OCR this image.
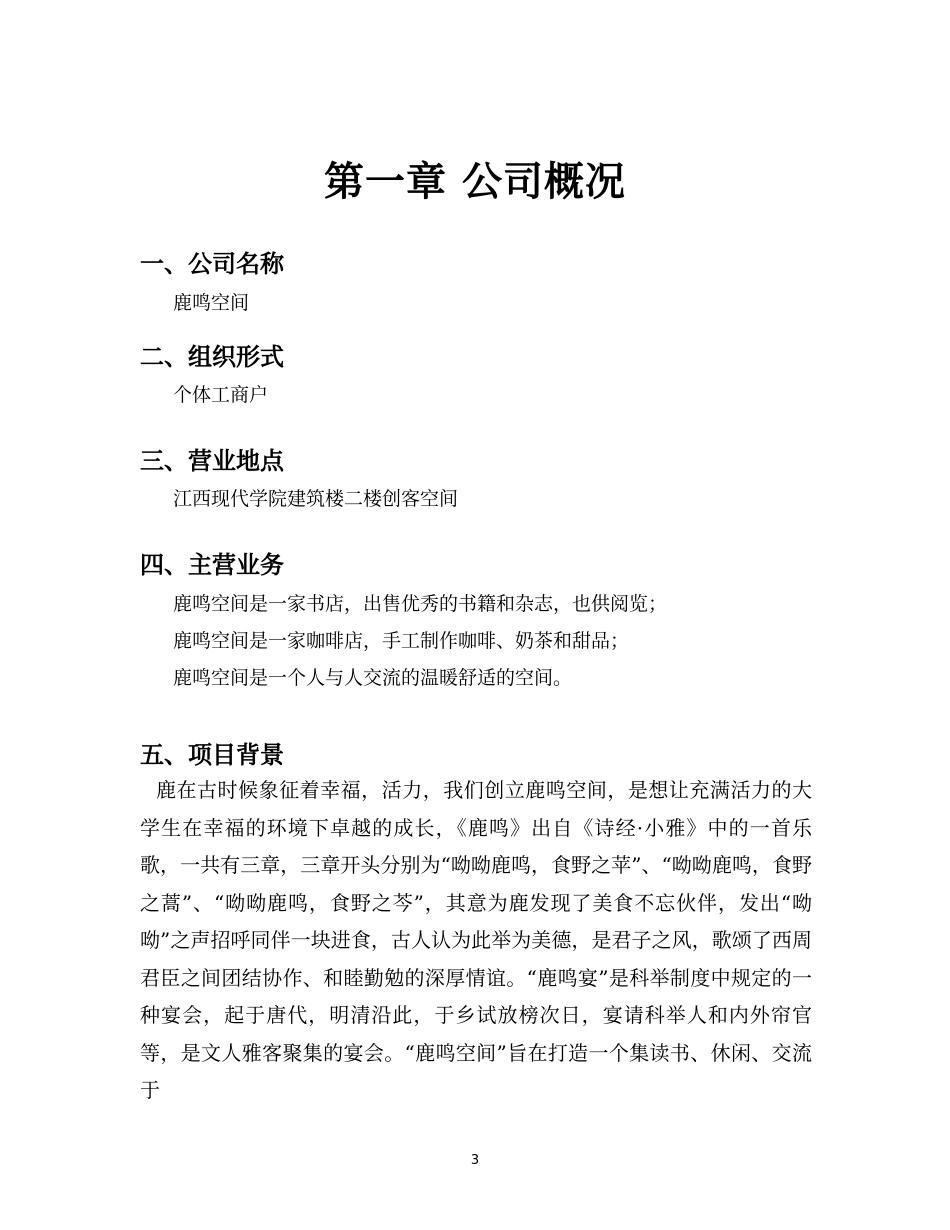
第一章 公司概况
一、公司名称
鹿鸣空间
二、组织形式
个体工商户
三、营业地点
江西现代学院建筑楼二楼创客空间
四、主营业务
鹿鸣空间是一家书店，出售优秀的书籍和杂志，也供阅览；
鹿鸣空间是一家咖啡店，手工制作咖啡、奶茶和甜品；
鹿鸣空间是一个人与人交流的温暖舒适的空间。
五、项目背景

鹿在古时候象征着幸福，活力，我们创立鹿鸣空间，是想让充满活力的大学生在幸福的环境下卓越的成长，《鹿鸣》出自《诗经·小雅》中的一首乐歌，一共有三章，三章开头分别为“呦呦鹿鸣，食野之苹”、“呦呦鹿鸣，食野之蒿”、“呦呦鹿鸣，食野之芩”，其意为鹿发现了美食不忘伙伴，发出“呦呦”之声招呼同伴一块进食，古人认为此举为美德，是君子之风，歌颂了西周君臣之间团结协作、和睦勤勉的深厚情谊。“鹿鸣宴”是科举制度中规定的一种宴会，起于唐代，明清沿此，于乡试放榜次日，宴请科举人和内外帘官等，是文人雅客聚集的宴会。“鹿鸣空间”旨在打造一个集读书、休闲、交流于

3
